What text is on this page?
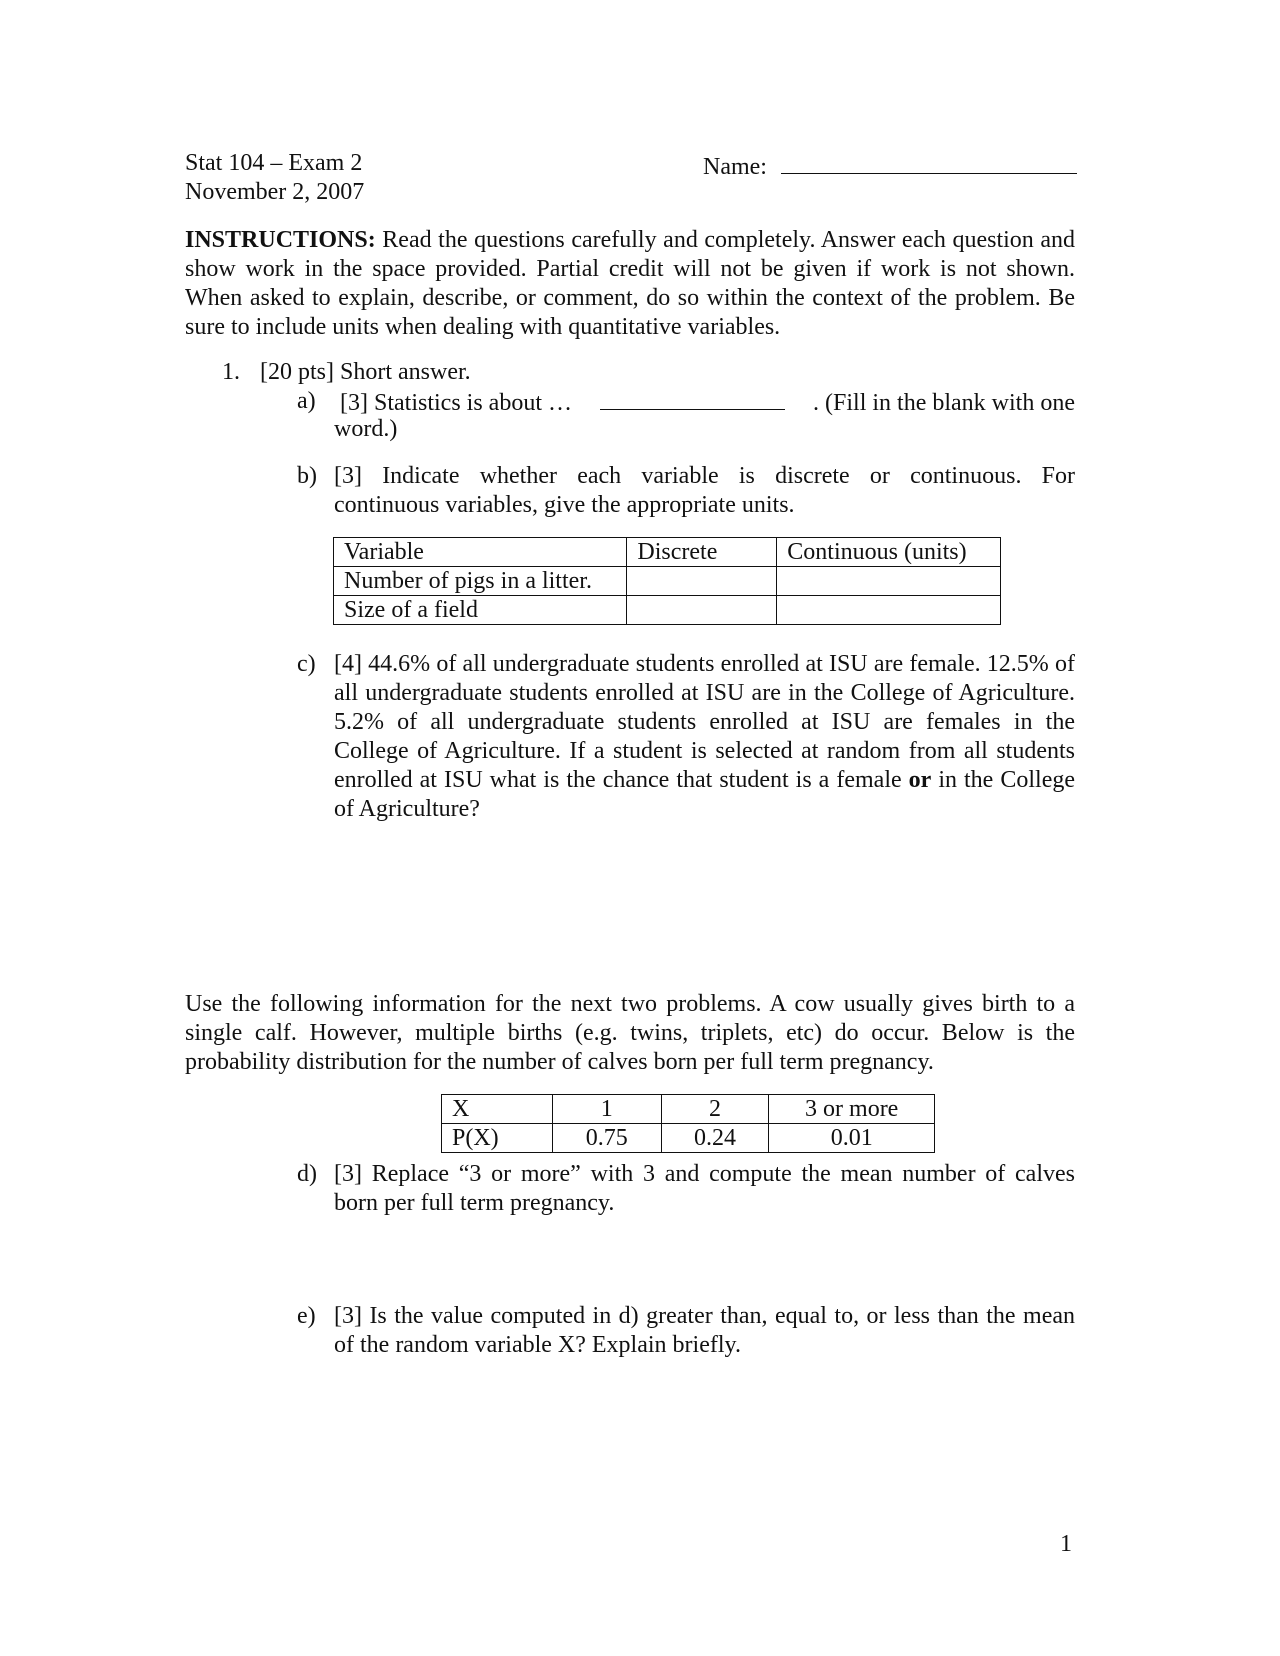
Stat 104 – Exam 2
November 2, 2007
Name:
INSTRUCTIONS: Read the questions carefully and completely. Answer each question and show work in the space provided. Partial credit will not be given if work is not shown. When asked to explain, describe, or comment, do so within the context of the problem. Be sure to include units when dealing with quantitative variables.
1. [20 pts] Short answer.
a) [3] Statistics is about …	. (Fill in the blank with one
word.)
b) [3] Indicate whether each variable is discrete or continuous. For
continuous variables, give the appropriate units.
Variable	Discrete	Continuous (units)
Number of pigs in a litter.		
Size of a field		
c) [4] 44.6% of all undergraduate students enrolled at ISU are female. 12.5% of all undergraduate students enrolled at ISU are in the College of Agriculture. 5.2% of all undergraduate students enrolled at ISU are females in the College of Agriculture. If a student is selected at random from all students enrolled at ISU what is the chance that student is a female or in the College of Agriculture?
Use the following information for the next two problems. A cow usually gives birth to a single calf. However, multiple births (e.g. twins, triplets, etc) do occur. Below is the probability distribution for the number of calves born per full term pregnancy.
X	1	2	3 or more
P(X)	0.75	0.24	0.01
d) [3] Replace “3 or more” with 3 and compute the mean number of calves born per full term pregnancy.
e) [3] Is the value computed in d) greater than, equal to, or less than the mean of the random variable X? Explain briefly.
1
